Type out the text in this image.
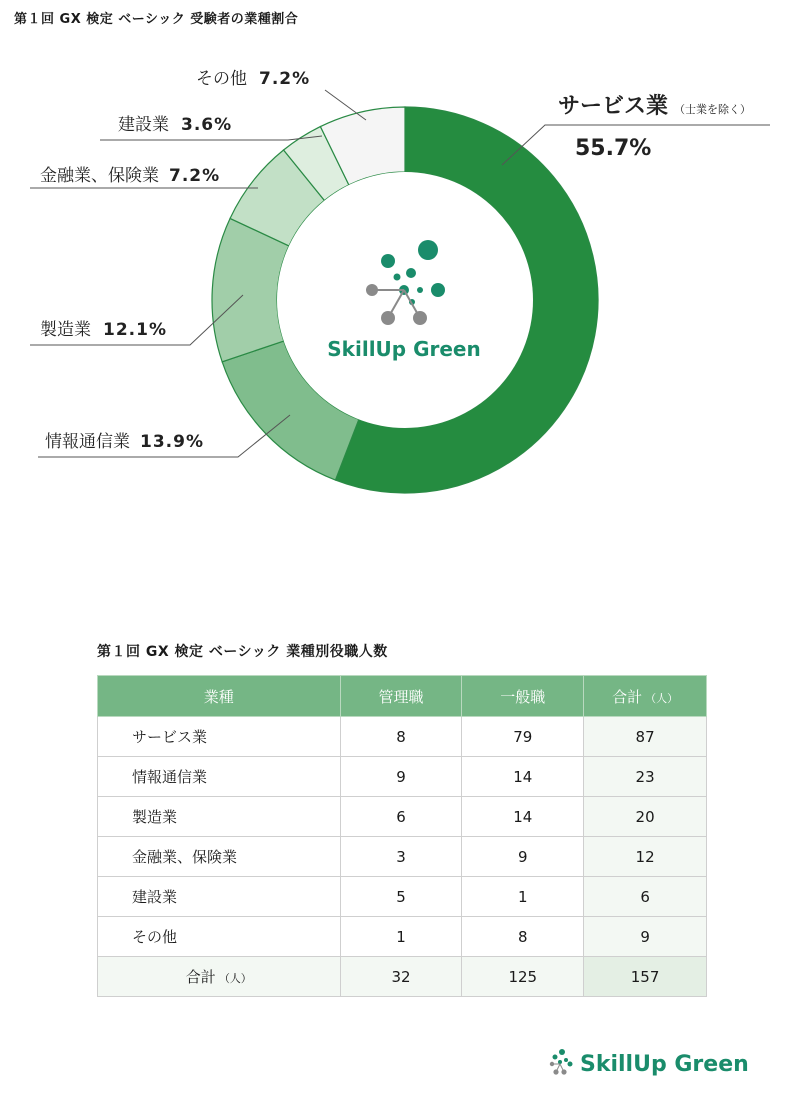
第１回 GX 検定 ベーシック 受験者の業種割合
SkillUp Green
サービス業 （士業を除く）
55.7%
情報通信業 13.9%
製造業 12.1%
金融業、保険業 7.2%
建設業 3.6%
その他 7.2%
第１回 GX 検定 ベーシック 業種別役職人数
業種	管理職	一般職	合計 （人）
サービス業	8	79	87
情報通信業	9	14	23
製造業	6	14	20
金融業、保険業	3	9	12
建設業	5	1	6
その他	1	8	9
合計 （人）	32	125	157
SkillUp Green
